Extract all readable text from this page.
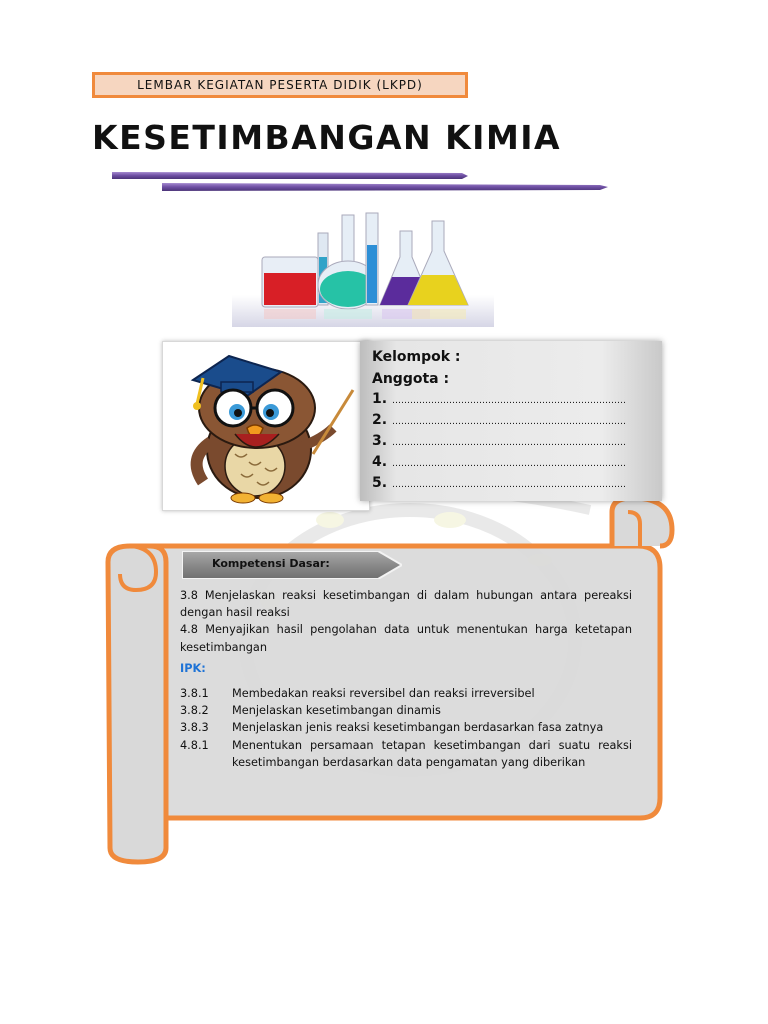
LEMBAR KEGIATAN PESERTA DIDIK (LKPD)
KESETIMBANGAN KIMIA
Kelompok :
Anggota :
1. ……………………………………………………………………
2. ……………………………………………………………………
3. ……………………………………………………………………
4. ……………………………………………………………………
5. ……………………………………………………………………
Kompetensi Dasar:
3.8 Menjelaskan reaksi kesetimbangan di dalam hubungan antara pereaksi dengan hasil reaksi
4.8 Menyajikan hasil pengolahan data untuk menentukan harga ketetapan kesetimbangan
IPK:
3.8.1	Membedakan reaksi reversibel dan reaksi irreversibel
3.8.2	Menjelaskan kesetimbangan dinamis
3.8.3	Menjelaskan jenis reaksi kesetimbangan berdasarkan fasa zatnya
4.8.1	Menentukan persamaan tetapan kesetimbangan dari suatu reaksi kesetimbangan berdasarkan data pengamatan yang diberikan
